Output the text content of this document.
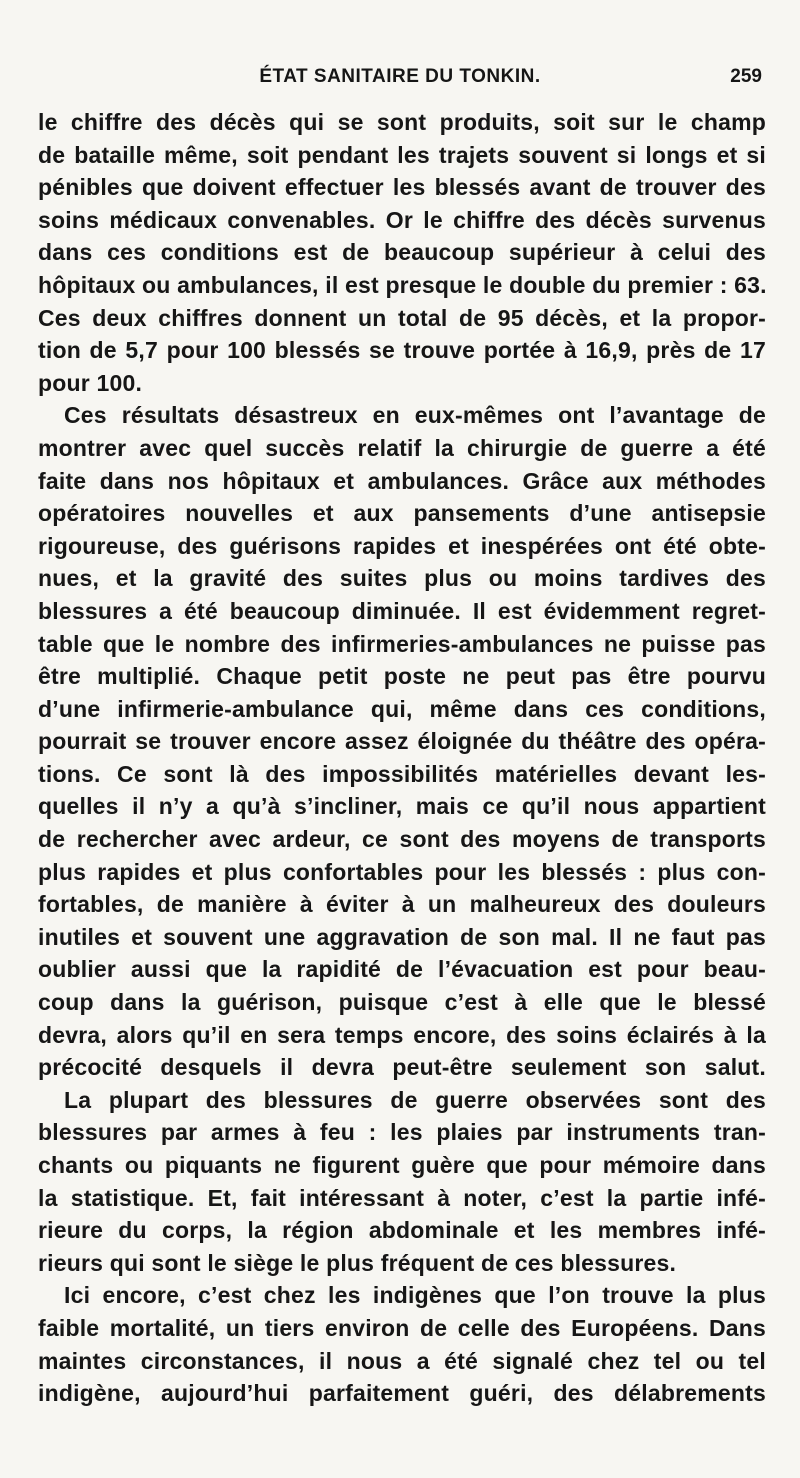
ÉTAT SANITAIRE DU TONKIN.	259
le chiffre des décès qui se sont produits, soit sur le champ
de bataille même, soit pendant les trajets souvent si longs et si
pénibles que doivent effectuer les blessés avant de trouver des
soins médicaux convenables. Or le chiffre des décès survenus
dans ces conditions est de beaucoup supérieur à celui des
hôpitaux ou ambulances, il est presque le double du premier : 63.
Ces deux chiffres donnent un total de 95 décès, et la propor-
tion de 5,7 pour 100 blessés se trouve portée à 16,9, près de 17
pour 100.
Ces résultats désastreux en eux-mêmes ont l’avantage de
montrer avec quel succès relatif la chirurgie de guerre a été
faite dans nos hôpitaux et ambulances. Grâce aux méthodes
opératoires nouvelles et aux pansements d’une antisepsie
rigoureuse, des guérisons rapides et inespérées ont été obte-
nues, et la gravité des suites plus ou moins tardives des
blessures a été beaucoup diminuée. Il est évidemment regret-
table que le nombre des infirmeries-ambulances ne puisse pas
être multiplié. Chaque petit poste ne peut pas être pourvu
d’une infirmerie-ambulance qui, même dans ces conditions,
pourrait se trouver encore assez éloignée du théâtre des opéra-
tions. Ce sont là des impossibilités matérielles devant les-
quelles il n’y a qu’à s’incliner, mais ce qu’il nous appartient
de rechercher avec ardeur, ce sont des moyens de transports
plus rapides et plus confortables pour les blessés : plus con-
fortables, de manière à éviter à un malheureux des douleurs
inutiles et souvent une aggravation de son mal. Il ne faut pas
oublier aussi que la rapidité de l’évacuation est pour beau-
coup dans la guérison, puisque c’est à elle que le blessé
devra, alors qu’il en sera temps encore, des soins éclairés à la
précocité desquels il devra peut-être seulement son salut.
La plupart des blessures de guerre observées sont des
blessures par armes à feu : les plaies par instruments tran-
chants ou piquants ne figurent guère que pour mémoire dans
la statistique. Et, fait intéressant à noter, c’est la partie infé-
rieure du corps, la région abdominale et les membres infé-
rieurs qui sont le siège le plus fréquent de ces blessures.
Ici encore, c’est chez les indigènes que l’on trouve la plus
faible mortalité, un tiers environ de celle des Européens. Dans
maintes circonstances, il nous a été signalé chez tel ou tel
indigène, aujourd’hui parfaitement guéri, des délabrements
